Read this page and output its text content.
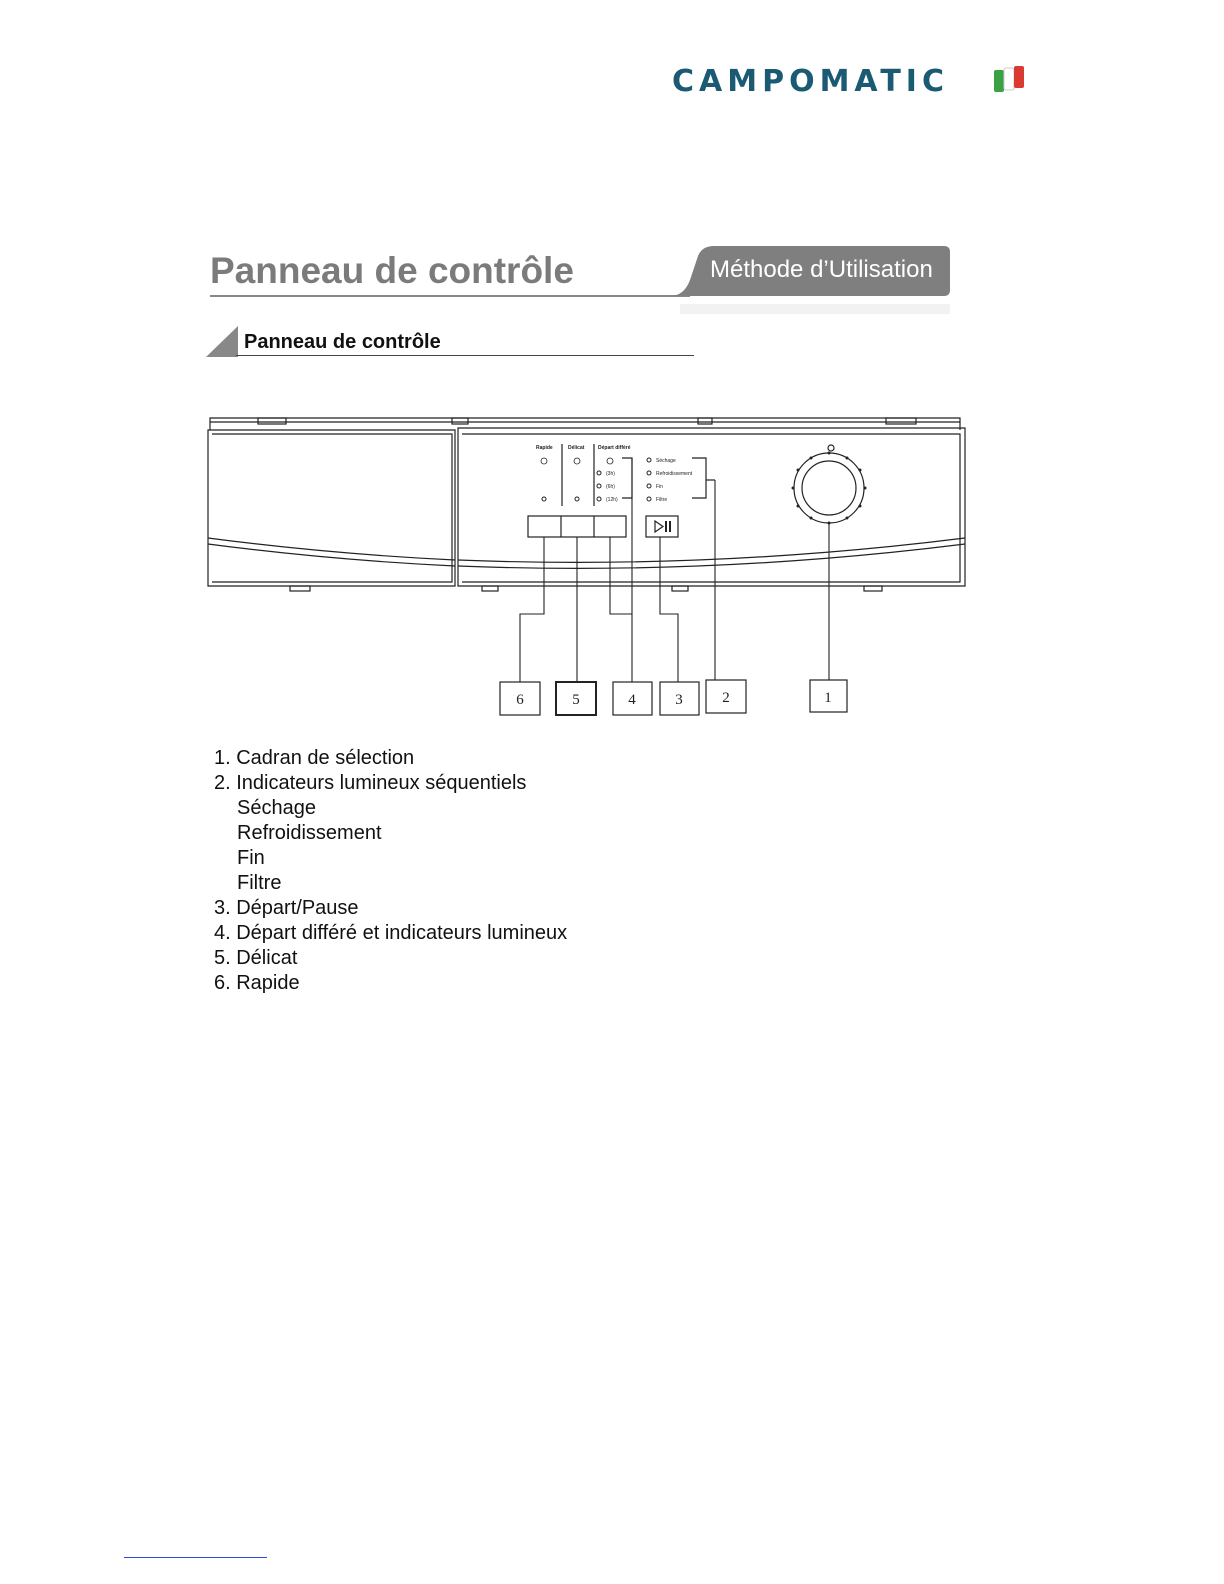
CAMPOMATIC
Panneau de contrôle	Méthode d’Utilisation
Panneau de contrôle
Rapide	Délicat	Départ différé
(3h)
(6h)
(12h)
Séchage
Refroidissement
Fin
Filtre
6	5	4	3	2	1
1. Cadran de sélection
2. Indicateurs lumineux séquentiels
Séchage
Refroidissement
Fin
Filtre
3. Départ/Pause
4. Départ différé et indicateurs lumineux
5. Délicat
6. Rapide
